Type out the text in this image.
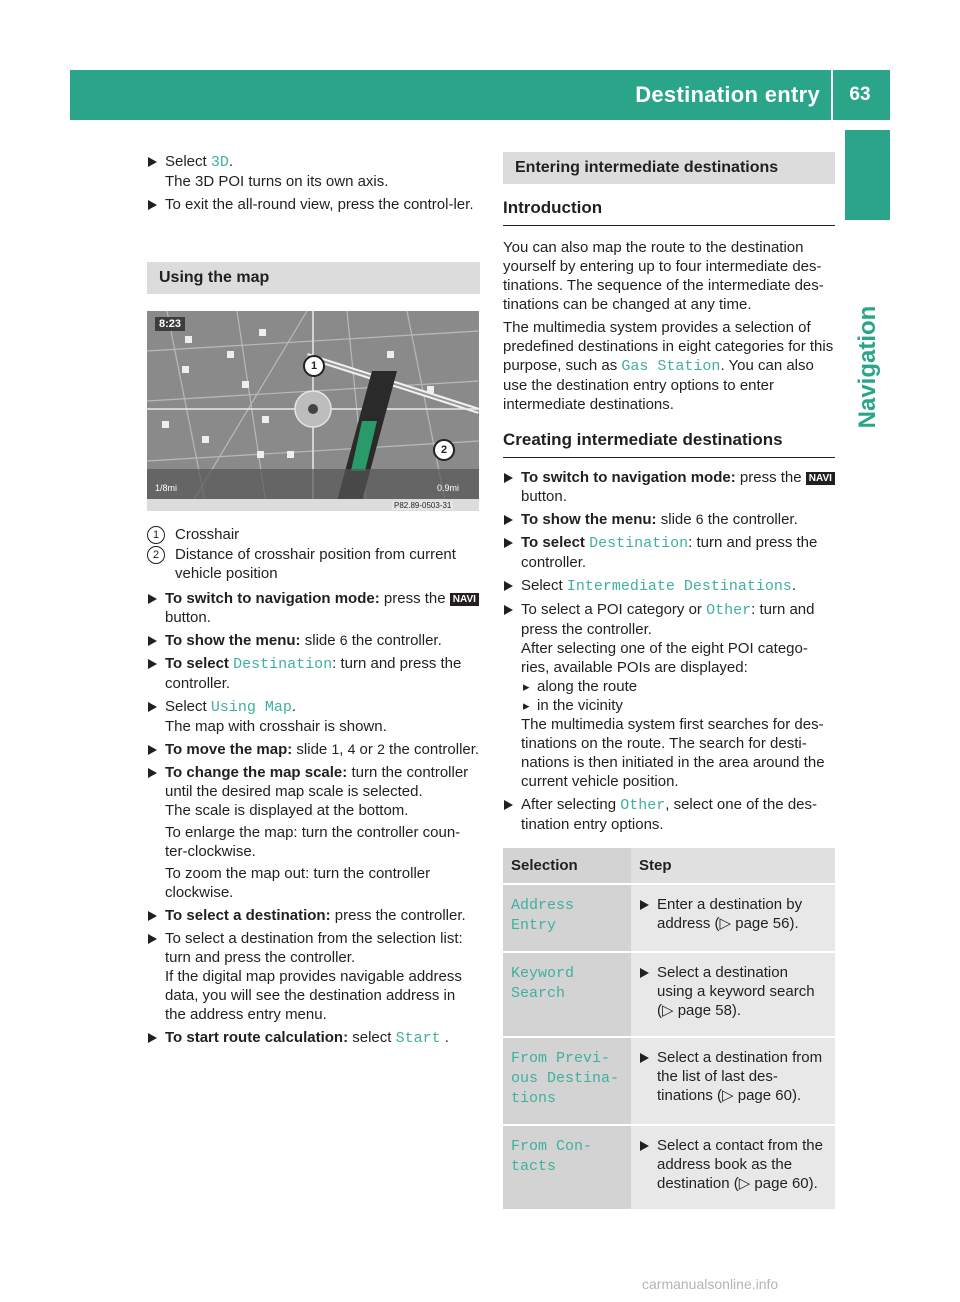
Destination entry	63
Navigation
Select 3D.
The 3D POI turns on its own axis.
To exit the all-round view, press the control-ler.
Using the map
8:23
1/8mi	0.9mi
P82.89-0503-31
1
2
1	Crosshair
2	Distance of crosshair position from current vehicle position
To switch to navigation mode: press the NAVI button.
To show the menu: slide 6 the controller.
To select Destination: turn and press the controller.
Select Using Map.
The map with crosshair is shown.
To move the map: slide 1, 4 or 2 the controller.
To change the map scale: turn the controller until the desired map scale is selected.
The scale is displayed at the bottom.
To enlarge the map: turn the controller coun-ter-clockwise.
To zoom the map out: turn the controller clockwise.
To select a destination: press the controller.
To select a destination from the selection list: turn and press the controller.
If the digital map provides navigable address data, you will see the destination address in the address entry menu.
To start route calculation: select Start .
Entering intermediate destinations
Introduction

You can also map the route to the destination yourself by entering up to four intermediate des-tinations. The sequence of the intermediate des-tinations can be changed at any time.

The multimedia system provides a selection of predefined destinations in eight categories for this purpose, such as Gas Station. You can also use the destination entry options to enter intermediate destinations.

Creating intermediate destinations
To switch to navigation mode: press the NAVI button.
To show the menu: slide 6 the controller.
To select Destination: turn and press the controller.
Select Intermediate Destinations.
To select a POI category or Other: turn and press the controller.
After selecting one of the eight POI catego-ries, available POIs are displayed:
▸ along the route
▸ in the vicinity
The multimedia system first searches for des-tinations on the route. The search for desti-nations is then initiated in the area around the current vehicle position.
After selecting Other, select one of the des-tination entry options.
Selection	Step
Address Entry	Enter a destination by address (▷ page 56).

Keyword Search	Select a destination using a keyword search (▷ page 58).

From Previ-ous Destina-tions	Select a destination from the list of last des-tinations (▷ page 60).

From Con-tacts	Select a contact from the address book as the destination (▷ page 60).
carmanualsonline.info
